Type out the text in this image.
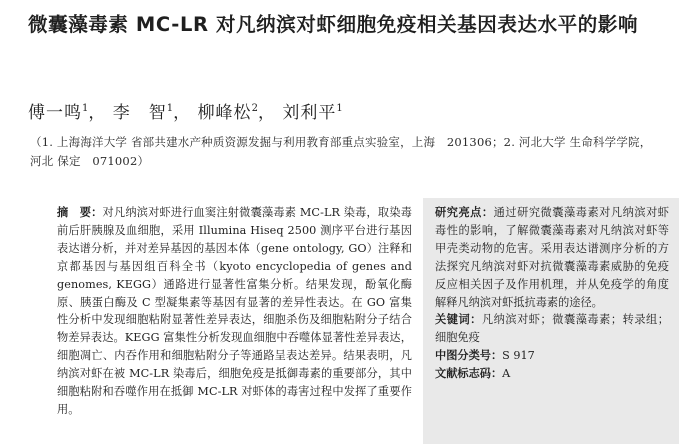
微囊藻毒素 MC-LR 对凡纳滨对虾细胞免疫相关基因表达水平的影响
傅一鸣$^1$， 李　智$^1$， 柳峰松$^2$， 刘利平$^1$
（1. 上海海洋大学 省部共建水产种质资源发掘与利用教育部重点实验室，上海　201306；2. 河北大学 生命科学学院，河北 保定　071002）
摘　要：对凡纳滨对虾进行血窦注射微囊藻毒素 MC-LR 染毒，取染毒前后肝胰腺及血细胞，采用 Illumina Hiseq 2500 测序平台进行基因表达谱分析，并对差异基因的基因本体（gene ontology, GO）注释和京都基因与基因组百科全书（kyoto encyclopedia of genes and genomes, KEGG）通路进行显著性富集分析。结果发现，酚氧化酶原、胰蛋白酶及 C 型凝集素等基因有显著的差异性表达。在 GO 富集性分析中发现细胞粘附显著性差异表达，细胞杀伤及细胞粘附分子结合物差异表达。KEGG 富集性分析发现血细胞中吞噬体显著性差异表达，细胞凋亡、内吞作用和细胞粘附分子等通路呈表达差异。结果表明，凡纳滨对虾在被 MC-LR 染毒后，细胞免疫是抵御毒素的重要部分，其中细胞粘附和吞噬作用在抵御 MC-LR 对虾体的毒害过程中发挥了重要作用。

研究亮点：通过研究微囊藻毒素对凡纳滨对虾毒性的影响，了解微囊藻毒素对凡纳滨对虾等甲壳类动物的危害。采用表达谱测序分析的方法探究凡纳滨对虾对抗微囊藻毒素威胁的免疫反应相关因子及作用机理，并从免疫学的角度解释凡纳滨对虾抵抗毒素的途径。

关键词：凡纳滨对虾；微囊藻毒素；转录组；细胞免疫

中图分类号：S 917

文献标志码：A
